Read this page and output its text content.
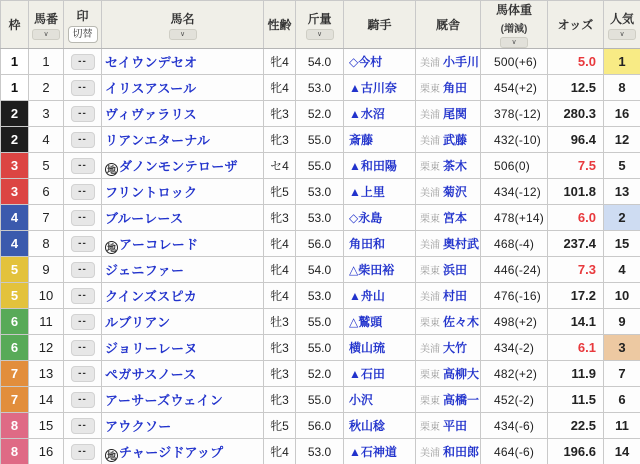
枠	馬番
∨	印
切替	馬名
∨	性齢	斤量
∨	騎手	厩舎	馬体重
(増減)
∨	オッズ	人気
∨

1	1	--	セイウンデセオ	牝4	54.0	◇今村	美浦 小手川	500(+6)	5.0	1
1	2	--	イリスアスール	牝4	53.0	▲古川奈	栗東 角田	454(+2)	12.5	8
2	3	--	ヴィヴァラリス	牝3	52.0	▲水沼	美浦 尾関	378(-12)	280.3	16
2	4	--	リアンエターナル	牝3	55.0	斎藤	美浦 武藤	432(-10)	96.4	12
3	5	--	地 ダノンモンテローザ	セ4	55.0	▲和田陽	栗東 茶木	506(0)	7.5	5
3	6	--	フリントロック	牝5	53.0	▲上里	美浦 菊沢	434(-12)	101.8	13
4	7	--	ブルーレース	牝3	53.0	◇永島	栗東 宮本	478(+14)	6.0	2
4	8	--	地 アーコレード	牝4	56.0	角田和	美浦 奥村武	468(-4)	237.4	15
5	9	--	ジェニファー	牝4	54.0	△柴田裕	栗東 浜田	446(-24)	7.3	4
5	10	--	クインズスピカ	牝4	53.0	▲舟山	美浦 村田	476(-16)	17.2	10
6	11	--	ルブリアン	牡3	55.0	△鷲頭	栗東 佐々木	498(+2)	14.1	9
6	12	--	ジョリーレーヌ	牝3	55.0	横山琉	美浦 大竹	434(-2)	6.1	3
7	13	--	ペガサスノース	牝3	52.0	▲石田	栗東 高柳大	482(+2)	11.9	7
7	14	--	アーサーズウェイン	牝3	55.0	小沢	栗東 高橋一	452(-2)	11.5	6
8	15	--	アウクソー	牝5	56.0	秋山稔	栗東 平田	434(-6)	22.5	11
8	16	--	地 チャージドアップ	牝4	53.0	▲石神道	美浦 和田郎	464(-6)	196.6	14
